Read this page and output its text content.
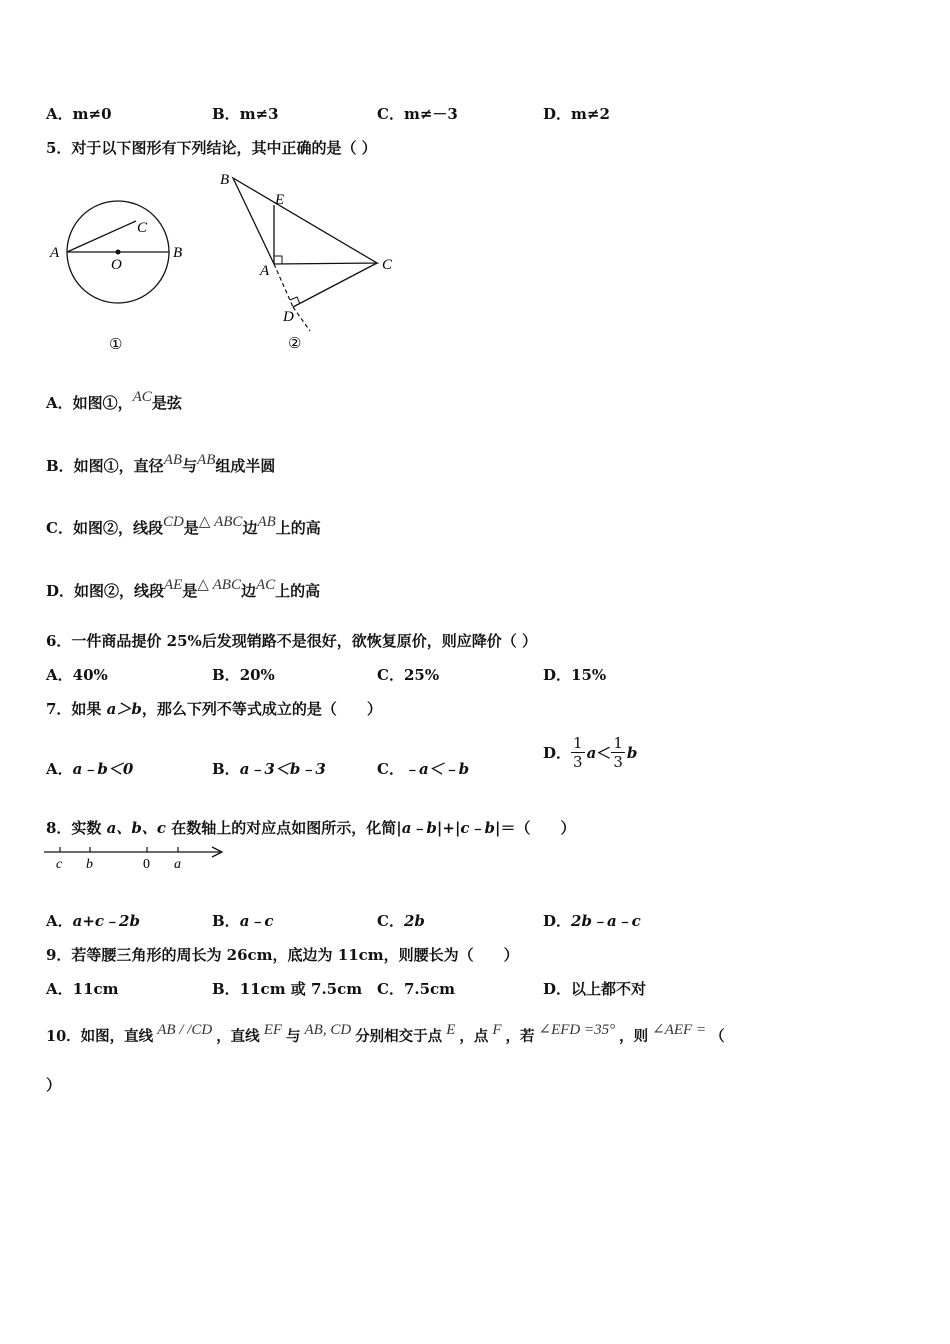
A．m≠0	B．m≠3	C．m≠－3	D．m≠2
5．对于以下图形有下列结论，其中正确的是（ ）
A	B
C
O
①
B
E
A	C
D
②
A．如图①，AC是弦
B．如图①，直径AB与AB组成半圆
C．如图②，线段CD是△ ABC边AB上的高
D．如图②，线段AE是△ ABC边AC上的高
6．一件商品提价 25%后发现销路不是很好，欲恢复原价，则应降价（ ）
A．40%	B．20%	C．25%	D．15%
7．如果 a＞b，那么下列不等式成立的是（　　）
A．a﹣b＜0	B．a﹣3＜b﹣3	C．﹣a＜﹣b
D． $\frac{1}{3}$ $a < \frac{1}{3}$ b
8．实数 a、b、c 在数轴上的对应点如图所示，化简|a﹣b|+|c﹣b|＝（　　）
c b	0 a
A．a+c﹣2b	B．a﹣c	C．2b	D．2b﹣a﹣c
9．若等腰三角形的周长为 26cm，底边为 11cm，则腰长为（　　）
A．11cm	B．11cm 或 7.5cm C．7.5cm	D．以上都不对
10．如图，直线 AB / /CD ，直线 EF 与 AB, CD 分别相交于点 E ，点 F ，若 ∠EFD =35° ，则 ∠AEF = （
）
